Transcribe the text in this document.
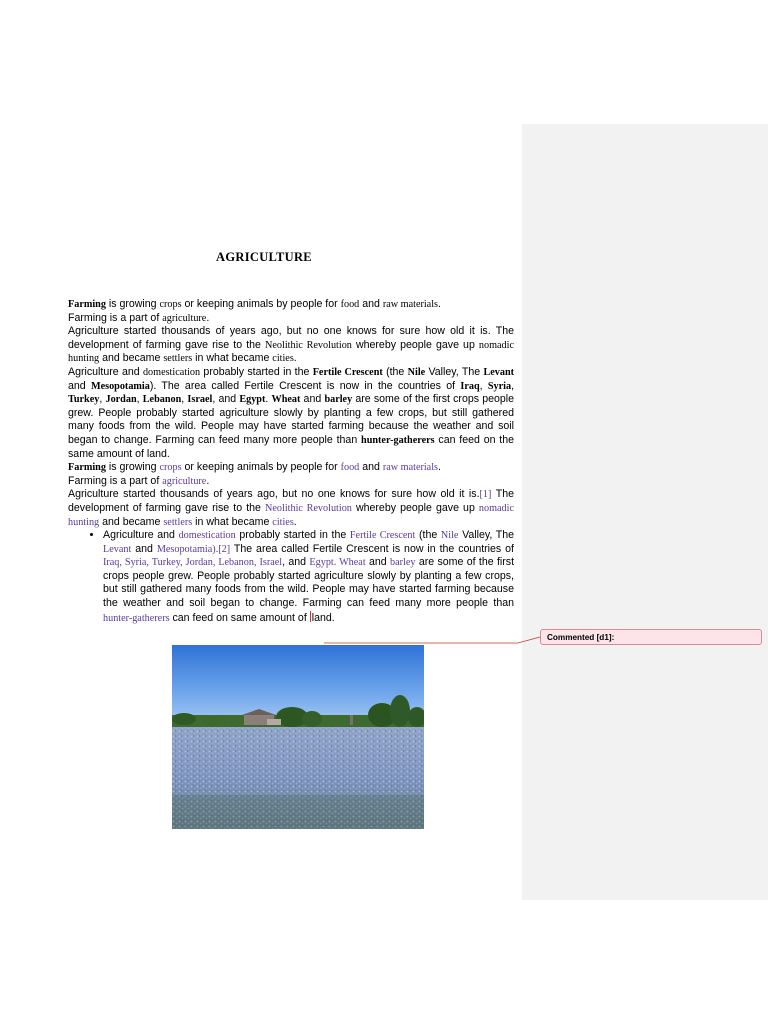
AGRICULTURE

Farming is growing crops or keeping animals by people for food and raw materials.
Farming is a part of agriculture.

Agriculture started thousands of years ago, but no one knows for sure how old it is. The development of farming gave rise to the Neolithic Revolution whereby people gave up nomadic hunting and became settlers in what became cities.

Agriculture and domestication probably started in the Fertile Crescent (the Nile Valley, The Levant and Mesopotamia). The area called Fertile Crescent is now in the countries of Iraq, Syria, Turkey, Jordan, Lebanon, Israel, and Egypt. Wheat and barley are some of the first crops people grew. People probably started agriculture slowly by planting a few crops, but still gathered many foods from the wild. People may have started farming because the weather and soil began to change. Farming can feed many more people than hunter-gatherers can feed on the same amount of land.

Farming is growing crops or keeping animals by people for food and raw materials.
Farming is a part of agriculture.

Agriculture started thousands of years ago, but no one knows for sure how old it is.[1] The development of farming gave rise to the Neolithic Revolution whereby people gave up nomadic hunting and became settlers in what became cities.

• Agriculture and domestication probably started in the Fertile Crescent (the Nile Valley, The Levant and Mesopotamia).[2] The area called Fertile Crescent is now in the countries of Iraq, Syria, Turkey, Jordan, Lebanon, Israel, and Egypt. Wheat and barley are some of the first crops people grew. People probably started agriculture slowly by planting a few crops, but still gathered many foods from the wild. People may have started farming because the weather and soil began to change. Farming can feed many more people than hunter-gatherers can feed on same amount of land.
Commented [d1]:
